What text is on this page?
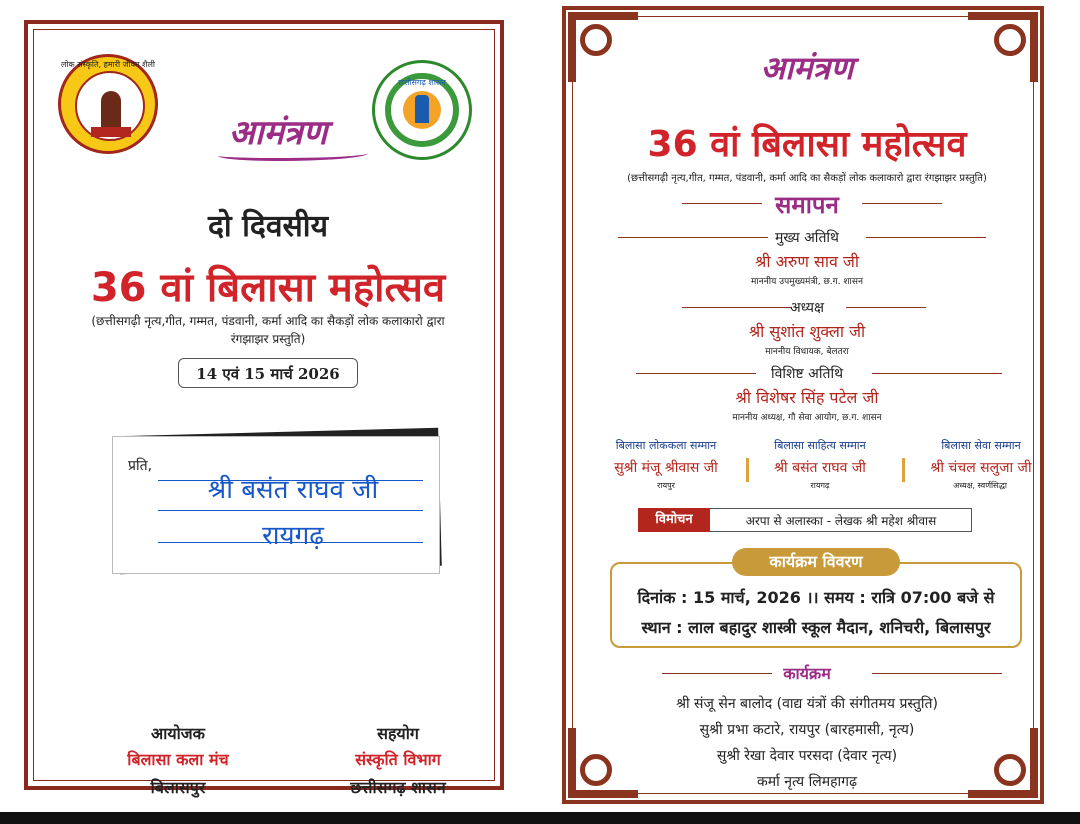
लोक संस्कृति, हमारी जीवन शैली
छत्तीसगढ़ शासन
आमंत्रण
दो दिवसीय
36 वां बिलासा महोत्सव
(छत्तीसगढ़ी नृत्य,गीत, गम्मत, पंडवानी, कर्मा आदि का सैकड़ों लोक कलाकारो द्वारा रंगझाझर प्रस्तुति)
14 एवं 15 मार्च 2026
प्रति,
श्री बसंत राघव जी
रायगढ़
आयोजक
बिलासा कला मंच
बिलासपुर
सहयोग
संस्कृति विभाग
छत्तीसगढ़ शासन
आमंत्रण
36 वां बिलासा महोत्सव
(छत्तीसगढ़ी नृत्य,गीत, गम्मत, पंडवानी, कर्मा आदि का सैकड़ों लोक कलाकारो द्वारा रंगझाझर प्रस्तुति)
समापन
मुख्य अतिथि
श्री अरुण साव जी
माननीय उपमुख्यमंत्री, छ.ग. शासन
अध्यक्ष
श्री सुशांत शुक्ला जी
माननीय विधायक, बेलतरा
विशिष्ट अतिथि
श्री विशेषर सिंह पटेल जी
माननीय अध्यक्ष, गौ सेवा आयोग, छ.ग. शासन
बिलासा लोककला सम्मान
सुश्री मंजू श्रीवास जी
रायपुर
बिलासा साहित्य सम्मान
श्री बसंत राघव जी
रायगढ़
बिलासा सेवा सम्मान
श्री चंचल सलुजा जी
अध्यक्ष, स्वर्णसिद्धा
विमोचन	अरपा से अलास्का - लेखक श्री महेश श्रीवास
कार्यक्रम विवरण
दिनांक : 15 मार्च, 2026 ।। समय : रात्रि 07:00 बजे से
स्थान : लाल बहादुर शास्त्री स्कूल मैदान, शनिचरी, बिलासपुर
कार्यक्रम
श्री संजू सेन बालोद (वाद्य यंत्रों की संगीतमय प्रस्तुति)
सुश्री प्रभा कटारे, रायपुर (बारहमासी, नृत्य)
सुश्री रेखा देवार परसदा (देवार नृत्य)
कर्मा नृत्य लिमहागढ़
